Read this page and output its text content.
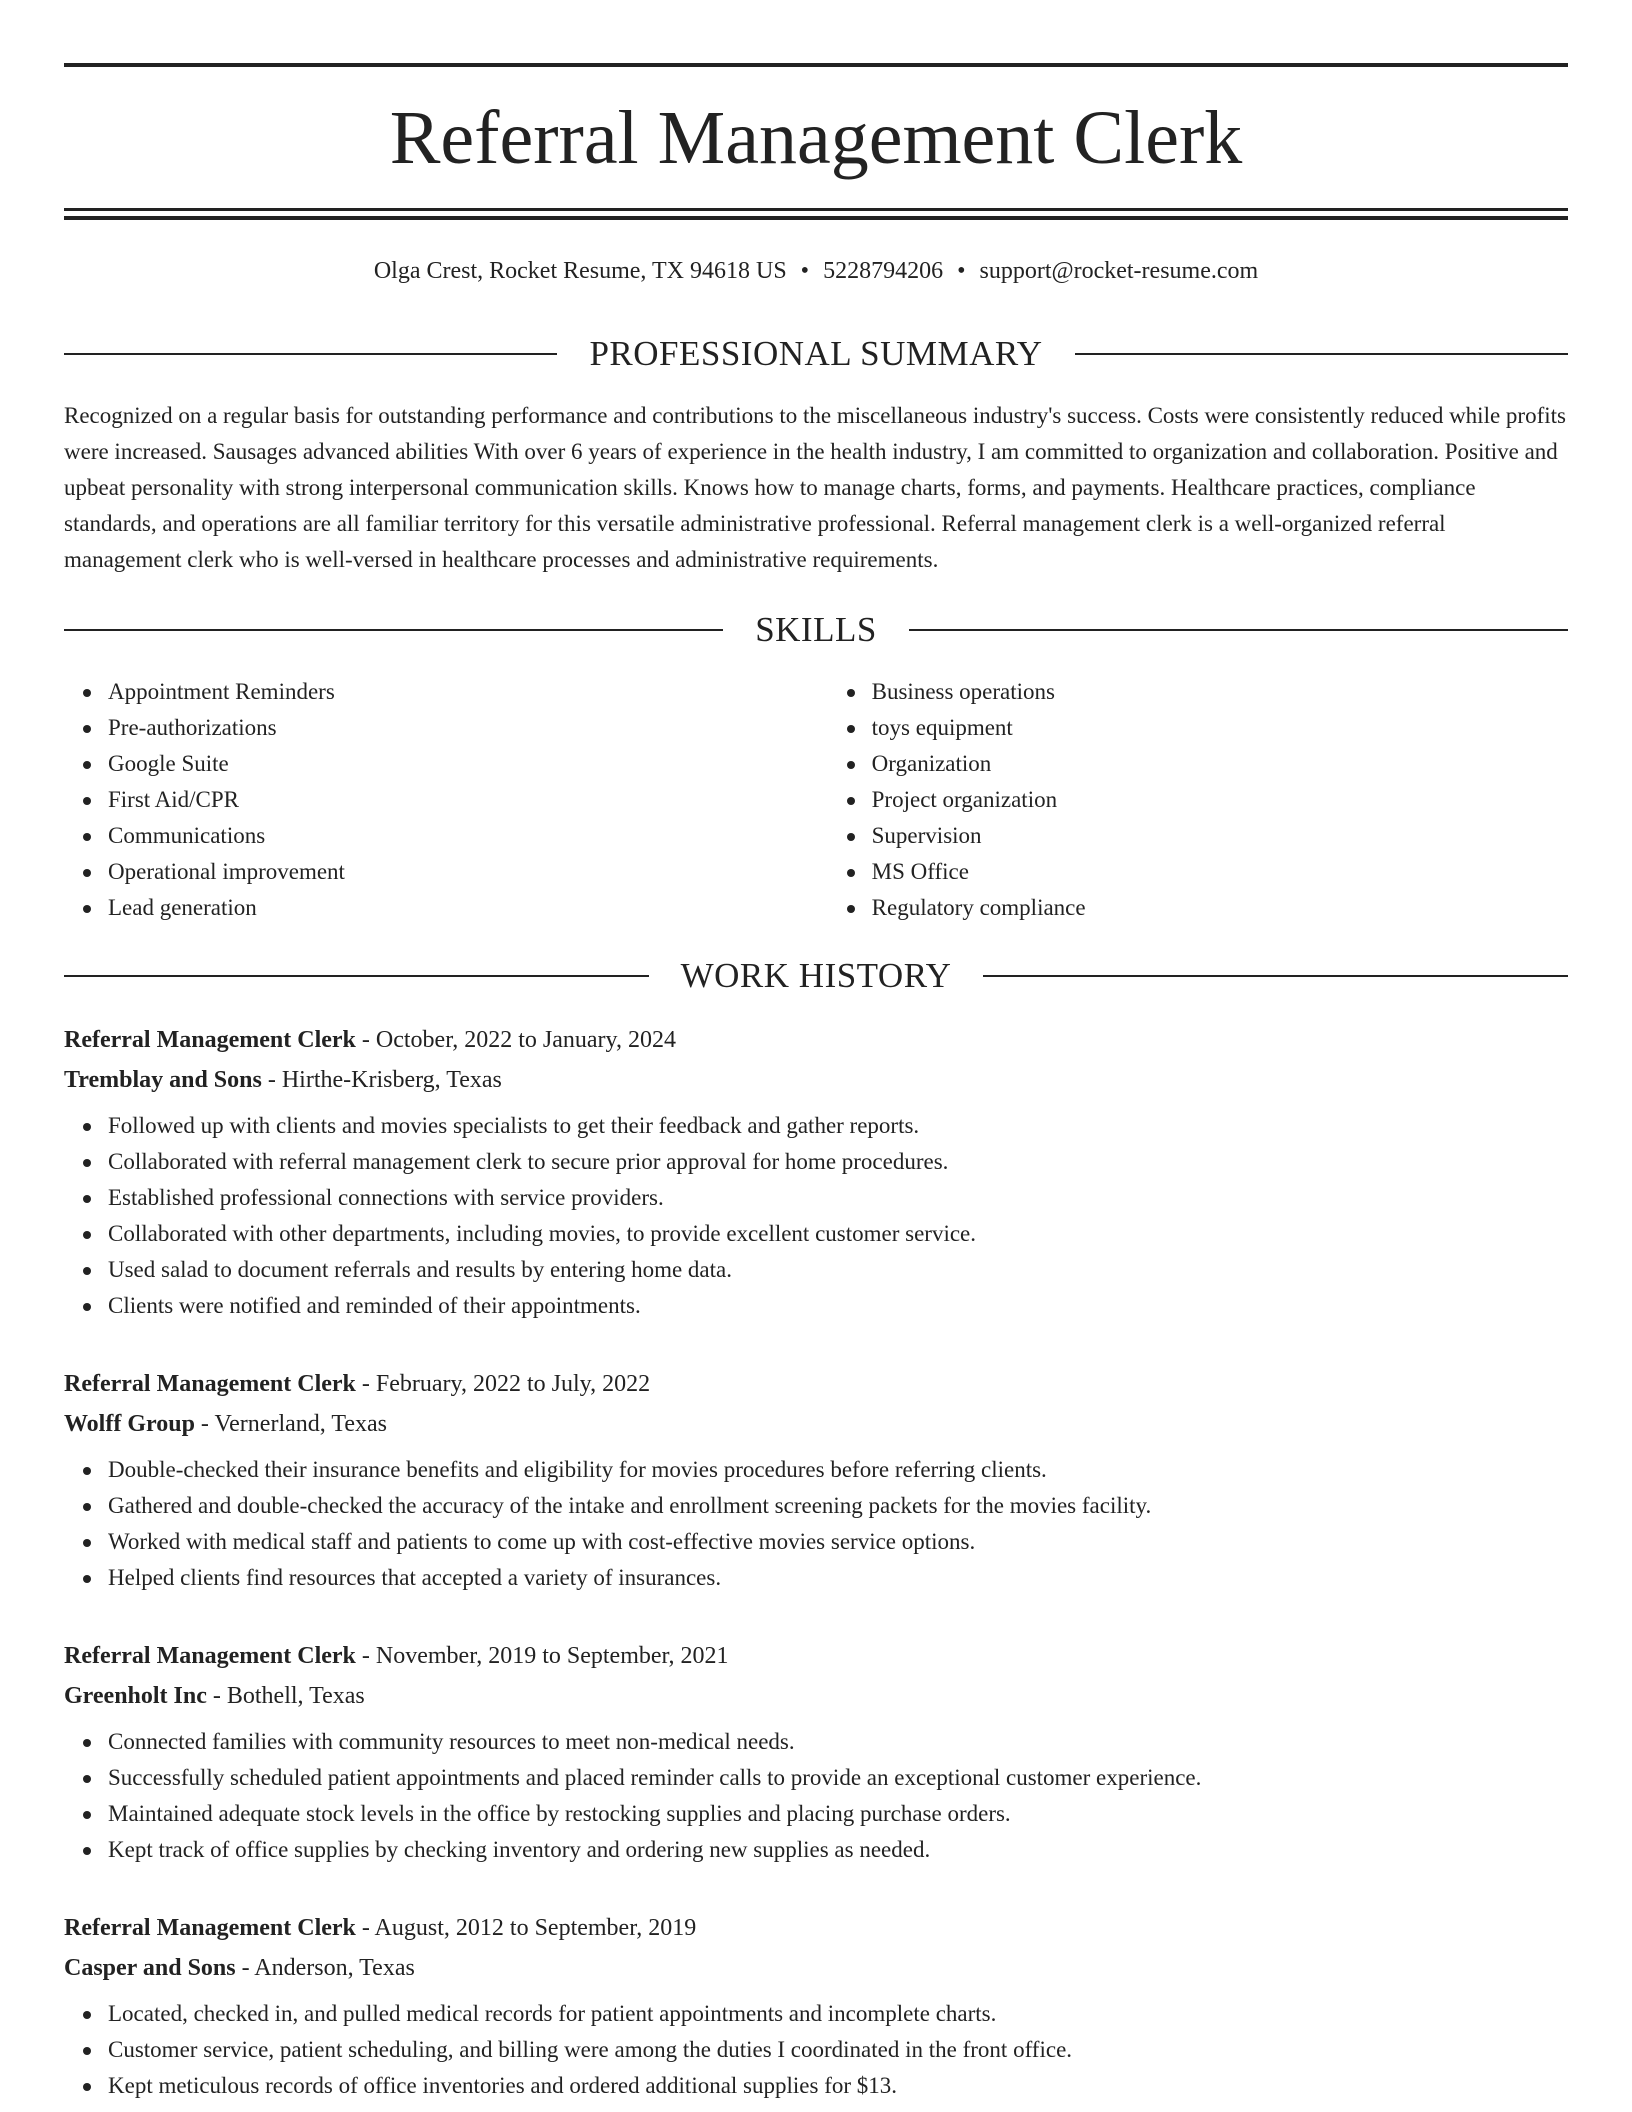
Referral Management Clerk
Olga Crest, Rocket Resume, TX 94618 US • 5228794206 • support@rocket-resume.com
PROFESSIONAL SUMMARY

Recognized on a regular basis for outstanding performance and contributions to the miscellaneous industry's success. Costs were consistently reduced while profits were increased. Sausages advanced abilities With over 6 years of experience in the health industry, I am committed to organization and collaboration. Positive and upbeat personality with strong interpersonal communication skills. Knows how to manage charts, forms, and payments. Healthcare practices, compliance standards, and operations are all familiar territory for this versatile administrative professional. Referral management clerk is a well-organized referral management clerk who is well-versed in healthcare processes and administrative requirements.

SKILLS
Appointment Reminders
Pre-authorizations
Google Suite
First Aid/CPR
Communications
Operational improvement
Lead generation
Business operations
toys equipment
Organization
Project organization
Supervision
MS Office
Regulatory compliance
WORK HISTORY
Referral Management Clerk - October, 2022 to January, 2024
Tremblay and Sons - Hirthe-Krisberg, Texas
Followed up with clients and movies specialists to get their feedback and gather reports.
Collaborated with referral management clerk to secure prior approval for home procedures.
Established professional connections with service providers.
Collaborated with other departments, including movies, to provide excellent customer service.
Used salad to document referrals and results by entering home data.
Clients were notified and reminded of their appointments.
Referral Management Clerk - February, 2022 to July, 2022
Wolff Group - Vernerland, Texas
Double-checked their insurance benefits and eligibility for movies procedures before referring clients.
Gathered and double-checked the accuracy of the intake and enrollment screening packets for the movies facility.
Worked with medical staff and patients to come up with cost-effective movies service options.
Helped clients find resources that accepted a variety of insurances.
Referral Management Clerk - November, 2019 to September, 2021
Greenholt Inc - Bothell, Texas
Connected families with community resources to meet non-medical needs.
Successfully scheduled patient appointments and placed reminder calls to provide an exceptional customer experience.
Maintained adequate stock levels in the office by restocking supplies and placing purchase orders.
Kept track of office supplies by checking inventory and ordering new supplies as needed.
Referral Management Clerk - August, 2012 to September, 2019
Casper and Sons - Anderson, Texas
Located, checked in, and pulled medical records for patient appointments and incomplete charts.
Customer service, patient scheduling, and billing were among the duties I coordinated in the front office.
Kept meticulous records of office inventories and ordered additional supplies for $13.
